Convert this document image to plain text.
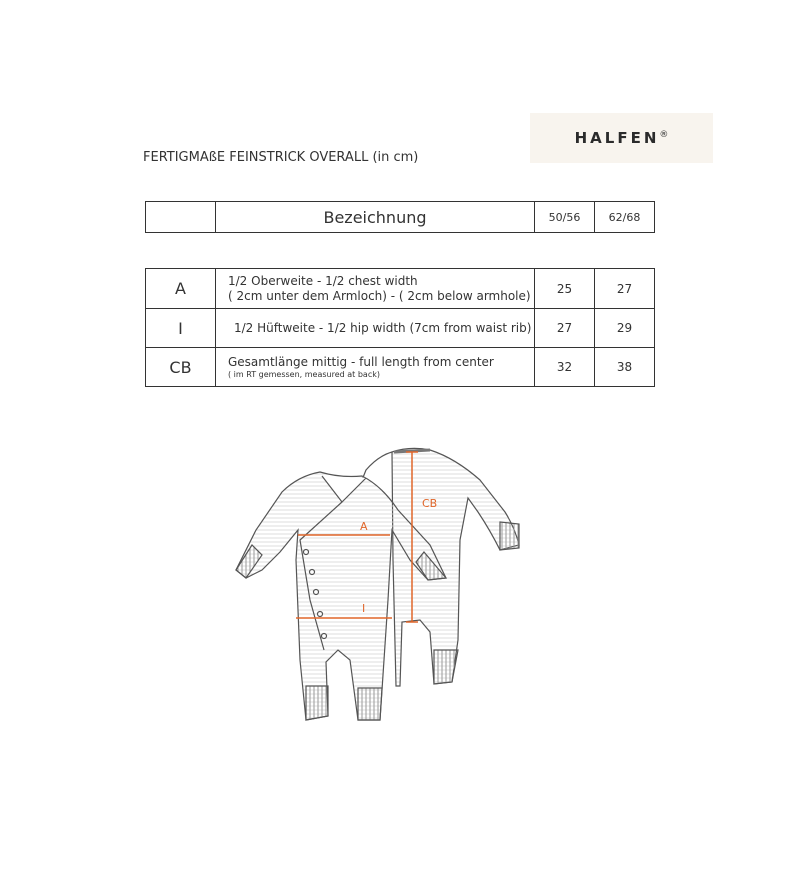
HALFEN®
FERTIGMAßE FEINSTRICK OVERALL (in cm)
	Bezeichnung	50/56	62/68
A	1/2 Oberweite - 1/2 chest width
( 2cm unter dem Armloch) - ( 2cm below armhole)	25	27
I	1/2 Hüftweite - 1/2 hip width (7cm from waist rib)	27	29
CB	Gesamtlänge mittig - full length from center
( im RT gemessen, measured at back)	32	38
A
I
CB
